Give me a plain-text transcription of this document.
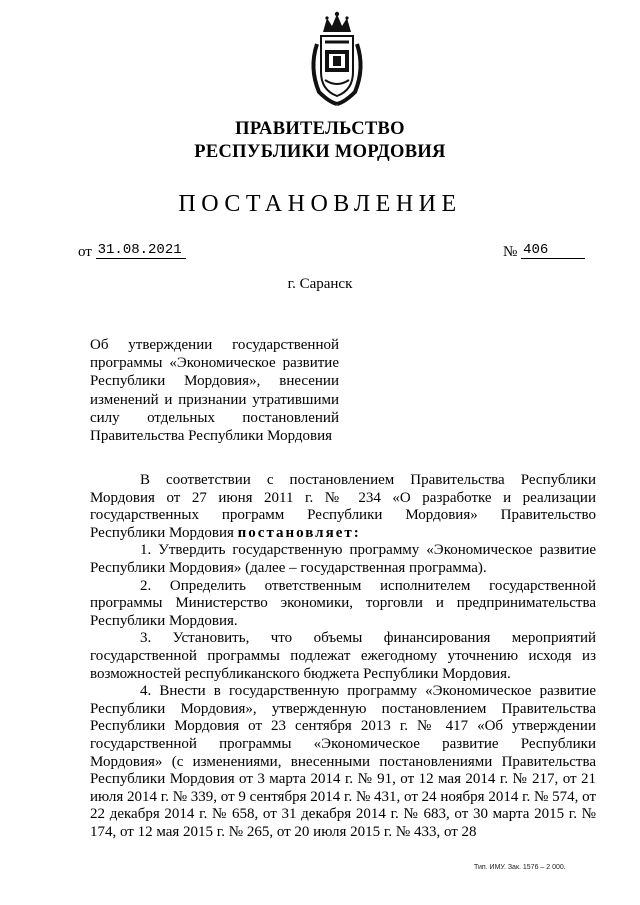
ПРАВИТЕЛЬСТВО
РЕСПУБЛИКИ МОРДОВИЯ
ПОСТАНОВЛЕНИЕ
от 31.08.2021	№ 406
г. Саранск
Об утверждении государственной программы «Экономическое развитие Республики Мордовия», внесении изменений и признании утратившими силу отдельных постановлений Правительства Республики Мордовия

В соответствии с постановлением Правительства Республики Мордовия от 27 июня 2011 г. № 234 «О разработке и реализации государственных программ Республики Мордовия» Правительство Республики Мордовия постановляет:

1. Утвердить государственную программу «Экономическое развитие Республики Мордовия» (далее – государственная программа).

2. Определить ответственным исполнителем государственной программы Министерство экономики, торговли и предпринимательства Республики Мордовия.

3. Установить, что объемы финансирования мероприятий государственной программы подлежат ежегодному уточнению исходя из возможностей республиканского бюджета Республики Мордовия.

4. Внести в государственную программу «Экономическое развитие Республики Мордовия», утвержденную постановлением Правительства Республики Мордовия от 23 сентября 2013 г. № 417 «Об утверждении государственной программы «Экономическое развитие Республики Мордовия» (с изменениями, внесенными постановлениями Правительства Республики Мордовия от 3 марта 2014 г. № 91, от 12 мая 2014 г. № 217, от 21 июля 2014 г. № 339, от 9 сентября 2014 г. № 431, от 24 ноября 2014 г. № 574, от 22 декабря 2014 г. № 658, от 31 декабря 2014 г. № 683, от 30 марта 2015 г. № 174, от 12 мая 2015 г. № 265, от 20 июля 2015 г. № 433, от 28

Тип. ИМУ. Зак. 1576 – 2 000.
